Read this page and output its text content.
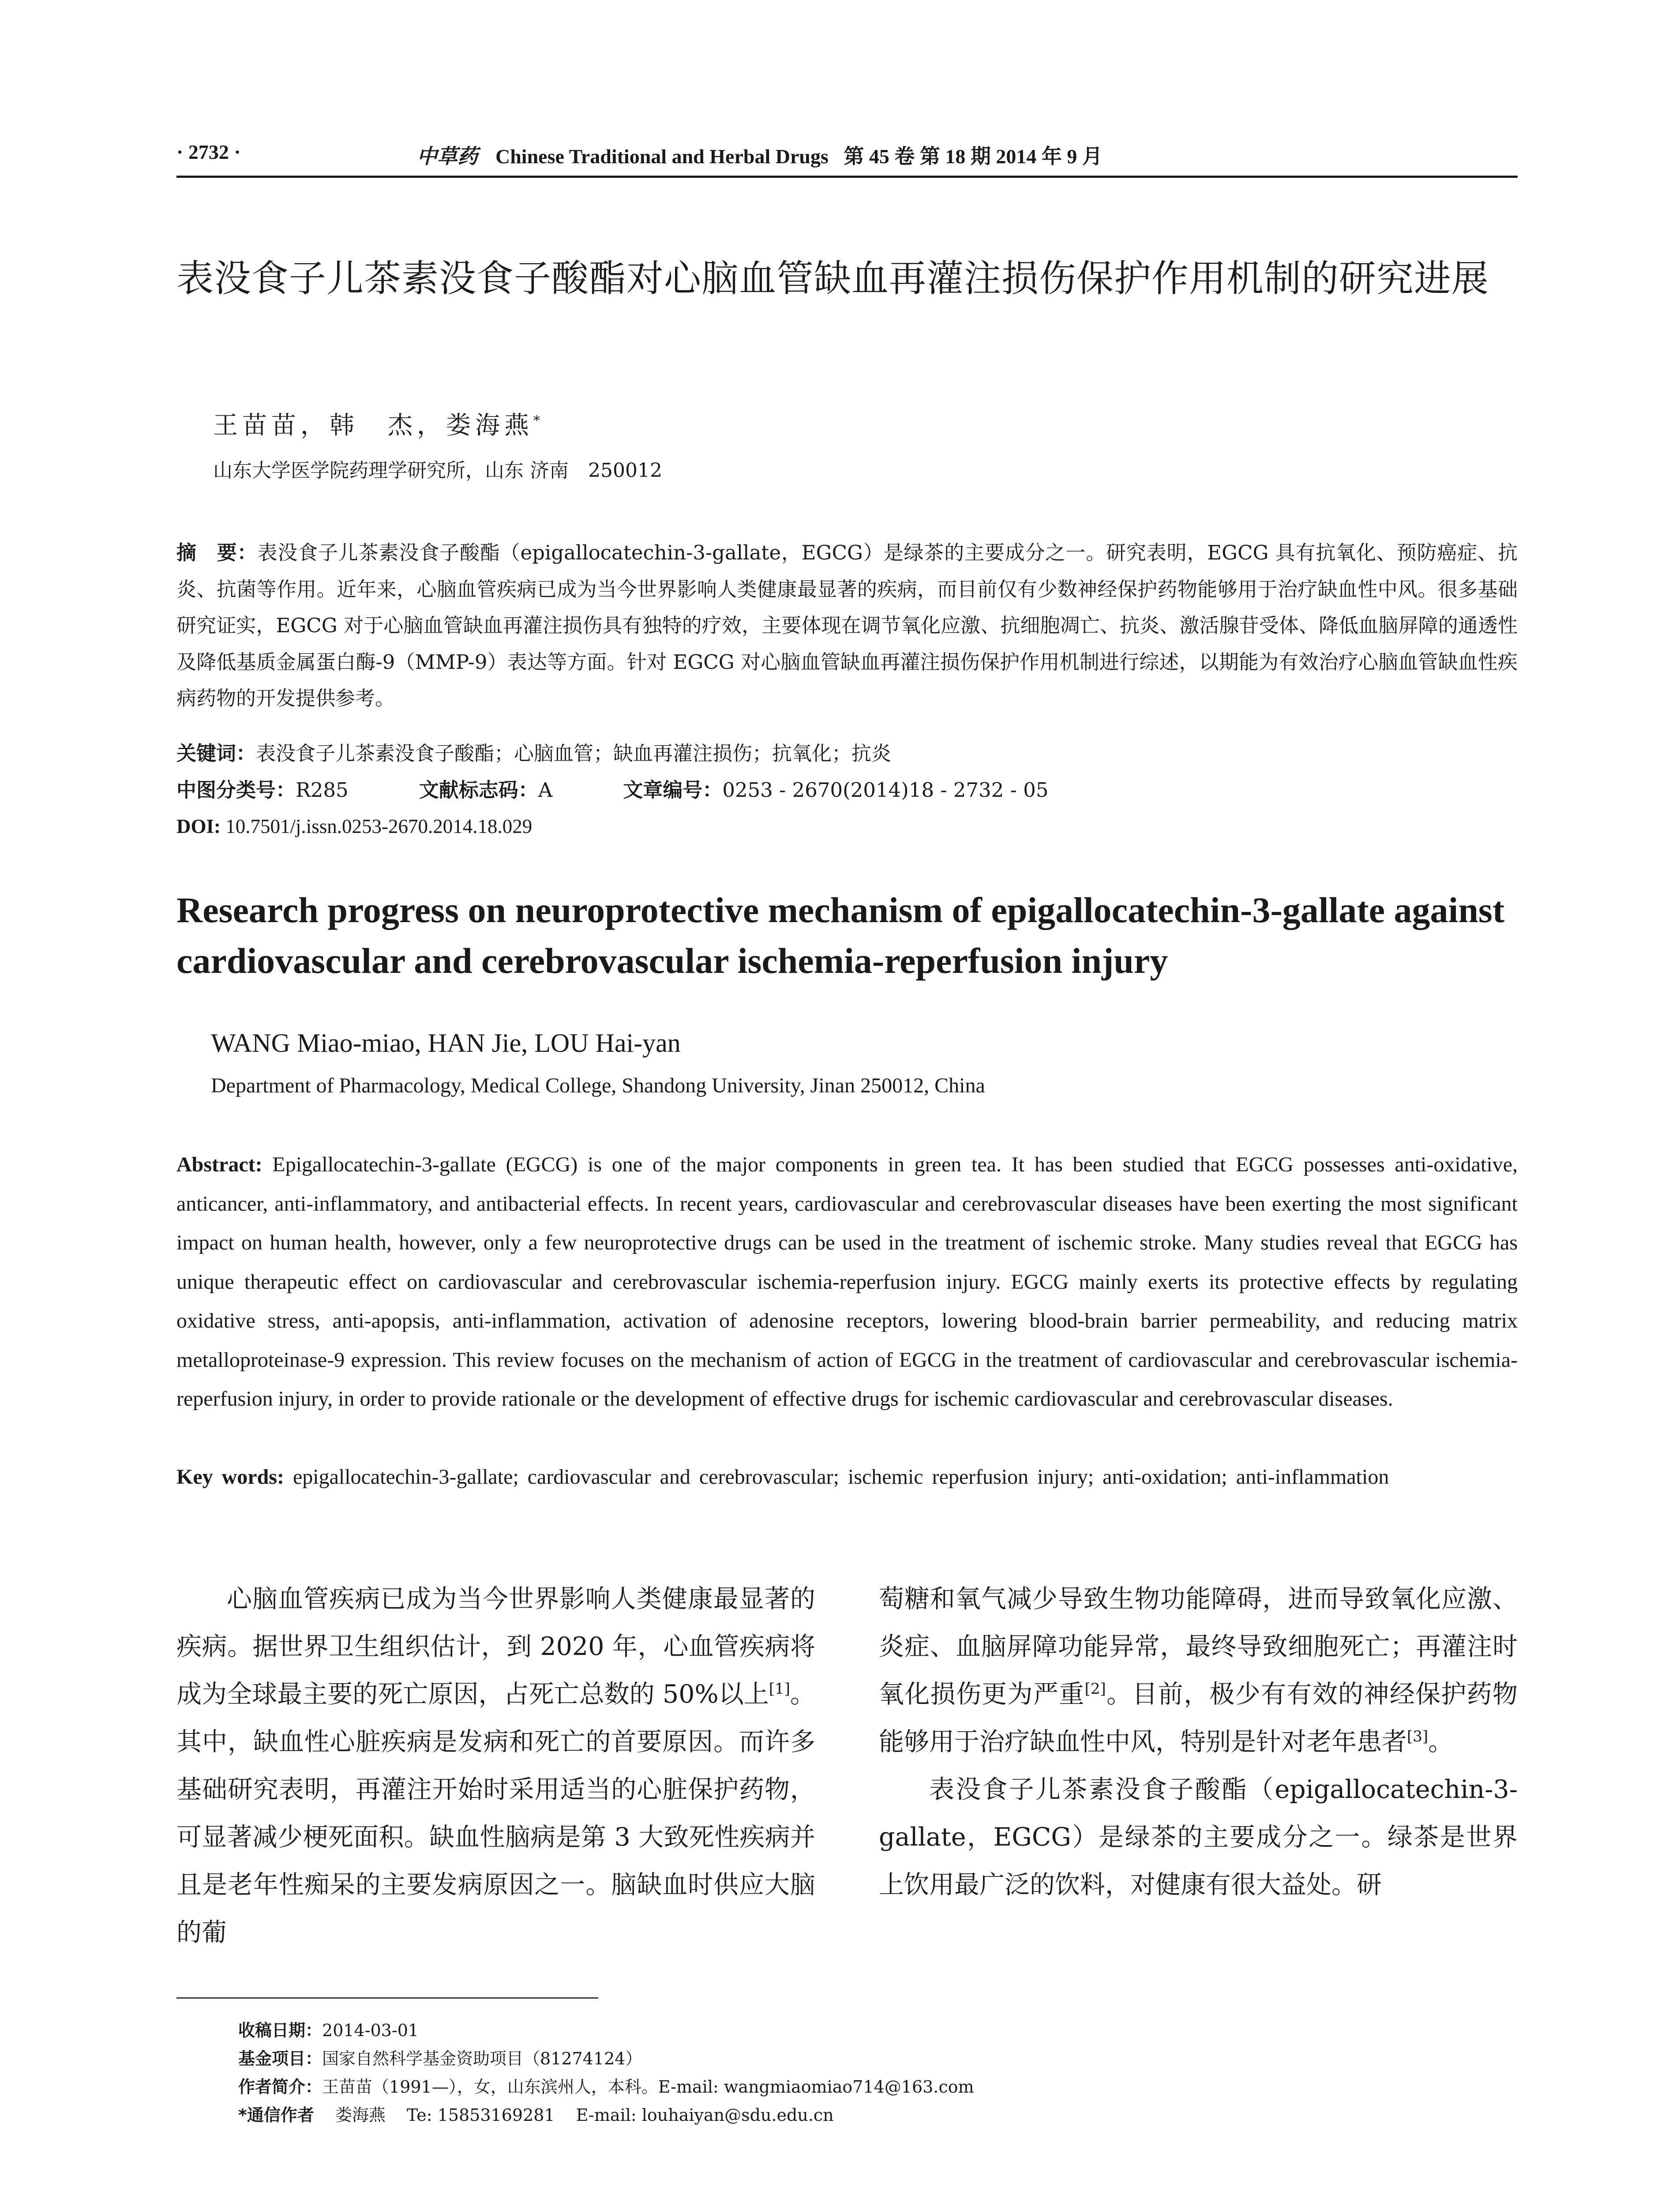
· 2732 ·	中草药 Chinese Traditional and Herbal Drugs 第 45 卷 第 18 期 2014 年 9 月
表没食子儿茶素没食子酸酯对心脑血管缺血再灌注损伤保护作用机制的研究进展
王苗苗，韩　杰，娄海燕*
山东大学医学院药理学研究所，山东 济南　250012
摘　要：表没食子儿茶素没食子酸酯（epigallocatechin-3-gallate，EGCG）是绿茶的主要成分之一。研究表明，EGCG 具有抗氧化、预防癌症、抗炎、抗菌等作用。近年来，心脑血管疾病已成为当今世界影响人类健康最显著的疾病，而目前仅有少数神经保护药物能够用于治疗缺血性中风。很多基础研究证实，EGCG 对于心脑血管缺血再灌注损伤具有独特的疗效，主要体现在调节氧化应激、抗细胞凋亡、抗炎、激活腺苷受体、降低血脑屏障的通透性及降低基质金属蛋白酶-9（MMP-9）表达等方面。针对 EGCG 对心脑血管缺血再灌注损伤保护作用机制进行综述，以期能为有效治疗心脑血管缺血性疾病药物的开发提供参考。
关键词：表没食子儿茶素没食子酸酯；心脑血管；缺血再灌注损伤；抗氧化；抗炎
中图分类号：R285	文献标志码：A	文章编号：0253 - 2670(2014)18 - 2732 - 05
DOI: 10.7501/j.issn.0253-2670.2014.18.029
Research progress on neuroprotective mechanism of epigallocatechin-3-gallate against cardiovascular and cerebrovascular ischemia-reperfusion injury
WANG Miao-miao, HAN Jie, LOU Hai-yan
Department of Pharmacology, Medical College, Shandong University, Jinan 250012, China
Abstract: Epigallocatechin-3-gallate (EGCG) is one of the major components in green tea. It has been studied that EGCG possesses anti-oxidative, anticancer, anti-inflammatory, and antibacterial effects. In recent years, cardiovascular and cerebrovascular diseases have been exerting the most significant impact on human health, however, only a few neuroprotective drugs can be used in the treatment of ischemic stroke. Many studies reveal that EGCG has unique therapeutic effect on cardiovascular and cerebrovascular ischemia-reperfusion injury. EGCG mainly exerts its protective effects by regulating oxidative stress, anti-apopsis, anti-inflammation, activation of adenosine receptors, lowering blood-brain barrier permeability, and reducing matrix metalloproteinase-9 expression. This review focuses on the mechanism of action of EGCG in the treatment of cardiovascular and cerebrovascular ischemia-reperfusion injury, in order to provide rationale or the development of effective drugs for ischemic cardiovascular and cerebrovascular diseases.
Key words: epigallocatechin-3-gallate; cardiovascular and cerebrovascular; ischemic reperfusion injury; anti-oxidation; anti-inflammation

心脑血管疾病已成为当今世界影响人类健康最显著的疾病。据世界卫生组织估计，到 2020 年，心血管疾病将成为全球最主要的死亡原因，占死亡总数的 50%以上[1]。其中，缺血性心脏疾病是发病和死亡的首要原因。而许多基础研究表明，再灌注开始时采用适当的心脏保护药物，可显著减少梗死面积。缺血性脑病是第 3 大致死性疾病并且是老年性痴呆的主要发病原因之一。脑缺血时供应大脑的葡

萄糖和氧气减少导致生物功能障碍，进而导致氧化应激、炎症、血脑屏障功能异常，最终导致细胞死亡；再灌注时氧化损伤更为严重[2]。目前，极少有有效的神经保护药物能够用于治疗缺血性中风，特别是针对老年患者[3]。

表没食子儿茶素没食子酸酯（epigallocatechin-3-gallate，EGCG）是绿茶的主要成分之一。绿茶是世界上饮用最广泛的饮料，对健康有很大益处。研

收稿日期：2014-03-01
基金项目：国家自然科学基金资助项目（81274124）
作者简介：王苗苗（1991—），女，山东滨州人，本科。E-mail: wangmiaomiao714@163.com
*通信作者 娄海燕 Te: 15853169281 E-mail: louhaiyan@sdu.edu.cn
